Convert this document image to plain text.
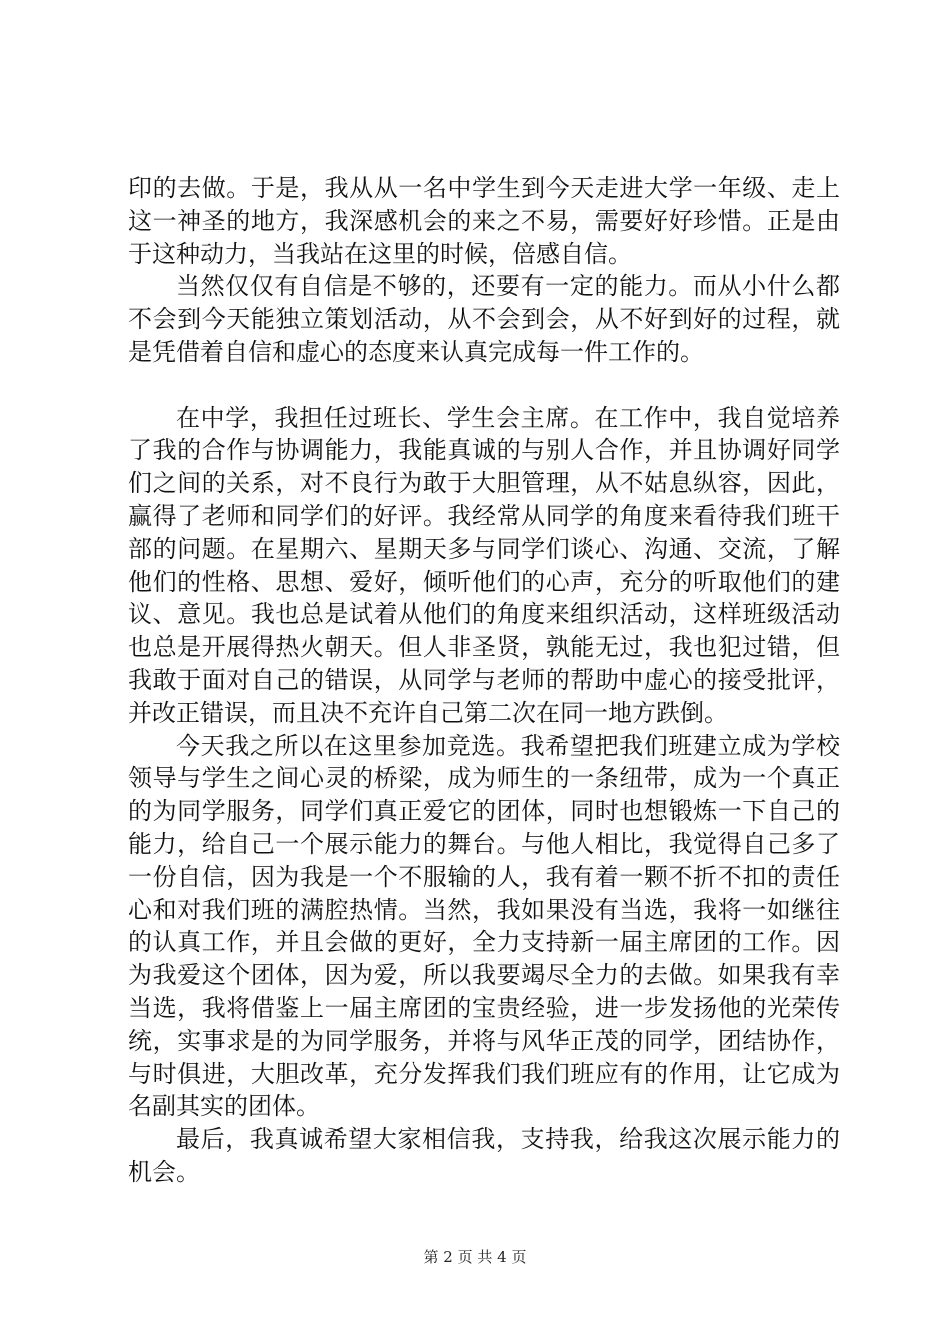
印的去做。于是，我从从一名中学生到今天走进大学一年级、走上这一神圣的地方，我深感机会的来之不易，需要好好珍惜。正是由于这种动力，当我站在这里的时候，倍感自信。

当然仅仅有自信是不够的，还要有一定的能力。而从小什么都不会到今天能独立策划活动，从不会到会，从不好到好的过程，就是凭借着自信和虚心的态度来认真完成每一件工作的。

在中学，我担任过班长、学生会主席。在工作中，我自觉培养了我的合作与协调能力，我能真诚的与别人合作，并且协调好同学们之间的关系，对不良行为敢于大胆管理，从不姑息纵容，因此，赢得了老师和同学们的好评。我经常从同学的角度来看待我们班干部的问题。在星期六、星期天多与同学们谈心、沟通、交流，了解他们的性格、思想、爱好，倾听他们的心声，充分的听取他们的建议、意见。我也总是试着从他们的角度来组织活动，这样班级活动也总是开展得热火朝天。但人非圣贤，孰能无过，我也犯过错，但我敢于面对自己的错误，从同学与老师的帮助中虚心的接受批评，并改正错误，而且决不充许自己第二次在同一地方跌倒。

今天我之所以在这里参加竞选。我希望把我们班建立成为学校领导与学生之间心灵的桥梁，成为师生的一条纽带，成为一个真正的为同学服务，同学们真正爱它的团体，同时也想锻炼一下自己的能力，给自己一个展示能力的舞台。与他人相比，我觉得自己多了一份自信，因为我是一个不服输的人，我有着一颗不折不扣的责任心和对我们班的满腔热情。当然，我如果没有当选，我将一如继往的认真工作，并且会做的更好，全力支持新一届主席团的工作。因为我爱这个团体，因为爱，所以我要竭尽全力的去做。如果我有幸当选，我将借鉴上一届主席团的宝贵经验，进一步发扬他的光荣传统，实事求是的为同学服务，并将与风华正茂的同学，团结协作，与时俱进，大胆改革，充分发挥我们我们班应有的作用，让它成为名副其实的团体。

最后，我真诚希望大家相信我，支持我，给我这次展示能力的机会。

第 2 页 共 4 页
